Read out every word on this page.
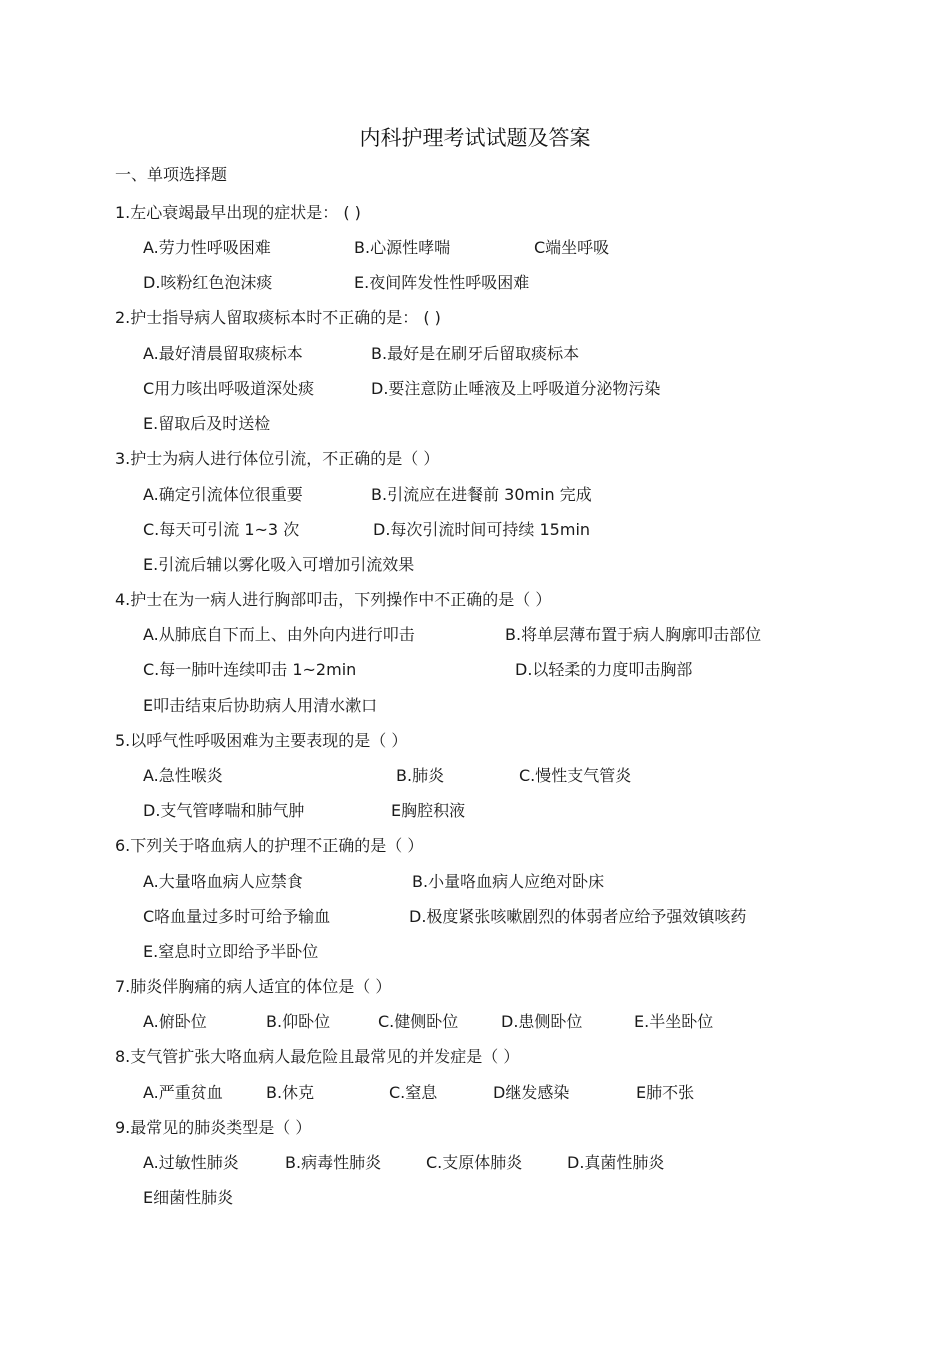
内科护理考试试题及答案
一、单项选择题
1.左心衰竭最早出现的症状是： ( )
A.劳力性呼吸困难	B.心源性哮喘	C端坐呼吸
D.咳粉红色泡沫痰	E.夜间阵发性性呼吸困难
2.护士指导病人留取痰标本时不正确的是： ( )
A.最好清晨留取痰标本	B.最好是在刷牙后留取痰标本
C用力咳出呼吸道深处痰	D.要注意防止唾液及上呼吸道分泌物污染
E.留取后及时送检
3.护士为病人进行体位引流，不正确的是（ ）
A.确定引流体位很重要	B.引流应在进餐前 30min 完成
C.每天可引流 1~3 次	D.每次引流时间可持续 15min
E.引流后辅以雾化吸入可增加引流效果
4.护士在为一病人进行胸部叩击，下列操作中不正确的是（ ）
A.从肺底自下而上、由外向内进行叩击	B.将单层薄布置于病人胸廓叩击部位
C.每一肺叶连续叩击 1~2min	D.以轻柔的力度叩击胸部
E叩击结束后协助病人用清水漱口
5.以呼气性呼吸困难为主要表现的是（ ）
A.急性喉炎	B.肺炎	C.慢性支气管炎
D.支气管哮喘和肺气肿	E胸腔积液
6.下列关于咯血病人的护理不正确的是（ ）
A.大量咯血病人应禁食	B.小量咯血病人应绝对卧床
C咯血量过多时可给予输血	D.极度紧张咳嗽剧烈的体弱者应给予强效镇咳药
E.窒息时立即给予半卧位
7.肺炎伴胸痛的病人适宜的体位是（ ）
A.俯卧位	B.仰卧位	C.健侧卧位	D.患侧卧位	E.半坐卧位
8.支气管扩张大咯血病人最危险且最常见的并发症是（ ）
A.严重贫血	B.休克	C.窒息	D继发感染	E肺不张
9.最常见的肺炎类型是（ ）
A.过敏性肺炎	B.病毒性肺炎	C.支原体肺炎	D.真菌性肺炎
E细菌性肺炎
